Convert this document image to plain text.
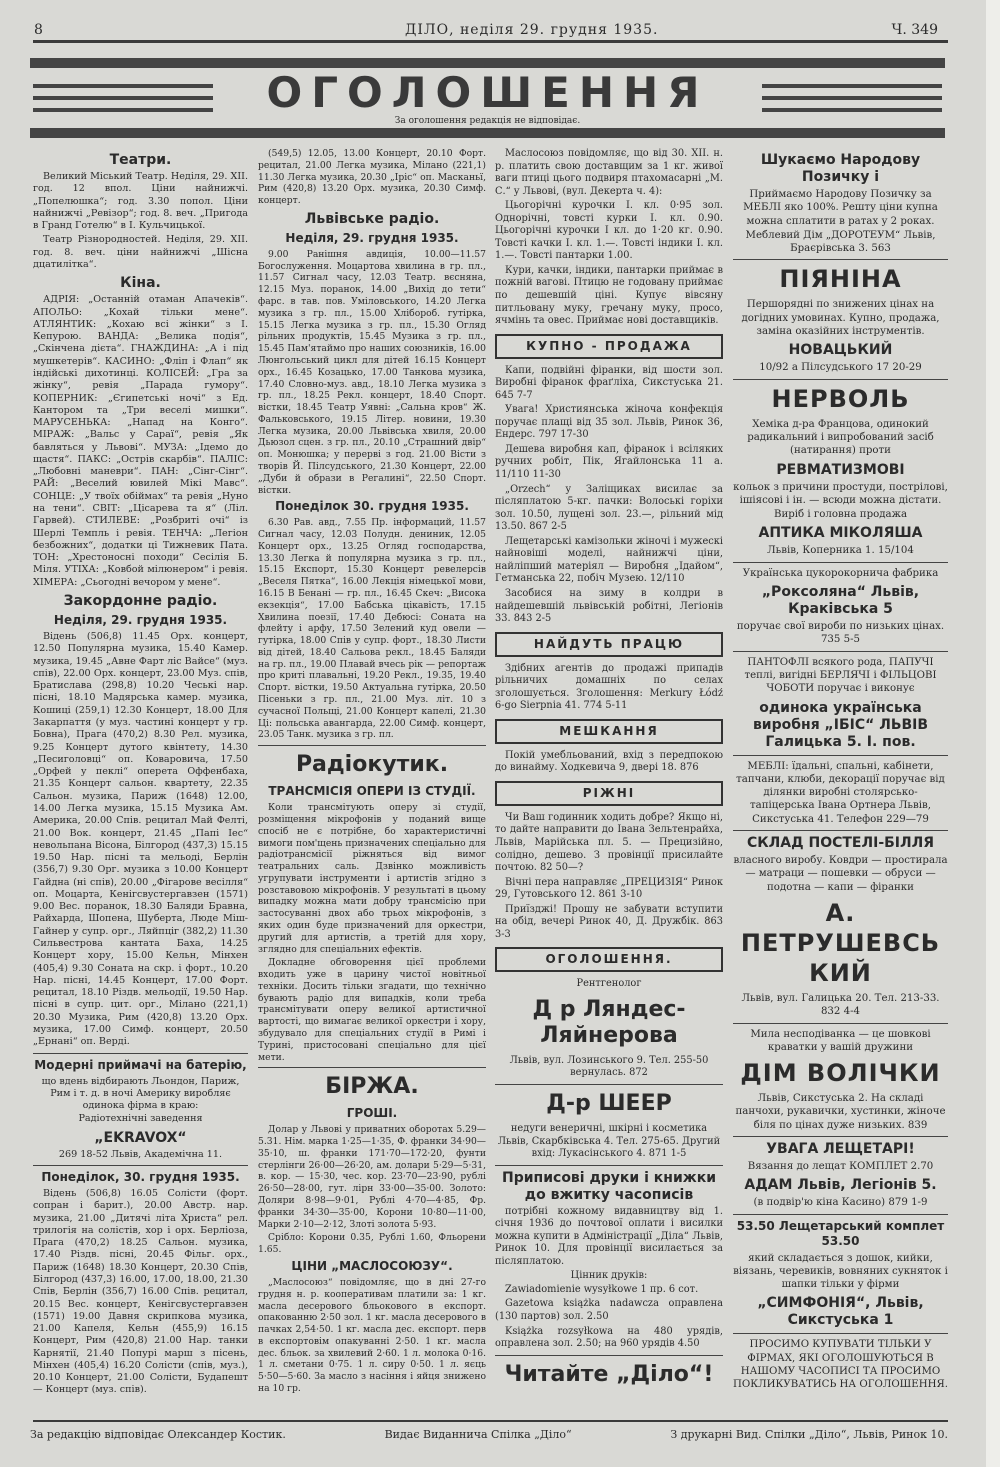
8	ДІЛО, неділя 29. грудня 1935.	Ч. 349
ОГОЛОШЕННЯ
За оголошення редакція не відповідає.
Театри.
Великий Міський Театр. Неділя, 29. XII. год. 12 впол. Ціни найнижчі. „Попелюшка“; год. 3.30 попол. Ціни найнижчі „Ревізор“; год. 8. веч. „Пригода в Гранд Готелю“ в І. Кульчицької.
Театр Різнородностей. Неділя, 29. XII. год. 8. веч. ціни найнижчі „Шісна дцатилітка“.
Кіна.
АДРІЯ: „Останній отаман Апачеків“. АПОЛЬО: „Кохай тільки мене“. АТЛЯНТИК: „Кохаю всі жінки“ з І. Кепурою. ВАНДА: „Велика подія“, „Скінчена дієта“. ГНАЖДИНА: „А і під мушкетерів“. КАСИНО: „Фліп і Флап“ як індійські дихотинці. КОЛІСЕЙ: „Гра за жінку“, ревія „Парада гумору“. КОПЕРНИК: „Єгипетські ночі“ з Ед. Кантором та „Три веселі мишки“. МАРУСЕНЬКА: „Напад на Конго“. МІРАЖ: „Вальс у Сараї“, ревія „Як бавляться у Львові“. МУЗА: „Ідемо до щастя“. ПАКС: „Острів скарбів“. ПАЛІС: „Любовні маневри“. ПАН: „Сінг-Сінг“. РАЙ: „Веселий ювилей Мікі Мавс“. СОНЦЕ: „У твоїх обіймах“ та ревія „Нуно на тени“. СВІТ: „Цісарева та я“ (Ліл. Гарвей). СТИЛЕВЕ: „Розбриті очі“ із Шерлі Темпль і ревія. ТЕНЧА: „Легіон безбожних“, додатки ці Тижневик Пата. ТОН: „Хрестоносні походи“ Сесілія Б. Міля. УТІХА: „Ковбой мілюнером“ і ревія. ХІМЕРА: „Сьогодні вечором у мене“.
Закордонне радіо.
Неділя, 29. грудня 1935.
Відень (506,8) 11.45 Орх. концерт, 12.50 Популярна музика, 15.40 Камер. музика, 19.45 „Авне Фарт ліс Вайсе“ (муз. спів), 22.00 Орх. концерт, 23.00 Муз. спів, Братислава (298,8) 10.20 Чеські нар. пісні, 18.10 Мадярська камер. музика, Кошиці (259,1) 12.30 Концерт, 18.00 Для Закарпаття (у муз. частині концерт у гр. Бовна), Прага (470,2) 8.30 Рел. музика, 9.25 Концерт дутого квінтету, 14.30 „Песиголовці“ оп. Коваровича, 17.50 „Орфей у пеклі“ оперета Оффенбаха, 21.35 Концерт сальон. квартету, 22.35 Сальон. музика, Париж (1648) 12.00, 14.00 Легка музика, 15.15 Музика Ам. Америка, 20.00 Спів. рецитал Май Фелті, 21.00 Вок. концерт, 21.45 „Папі Іес“ невольпана Вісона, Білгород (437,3) 15.15 19.50 Нар. пісні та мельоді, Берлін (356,7) 9.30 Орг. музика з 10.00 Концерт Гайдна (ні спів), 20.00 „Фігарове весілля“ оп. Моцарта, Кенігсвустергавзен (1571) 9.00 Вес. поранок, 18.30 Баляди Бравна, Райхарда, Шопена, Шуберта, Люде Міш-Гайнер у супр. орг., Ляйпціг (382,2) 11.30 Сильвестрова кантата Баха, 14.25 Концерт хору, 15.00 Кельн, Мінхен (405,4) 9.30 Соната на скр. і форт., 10.20 Нар. пісні, 14.45 Концерт, 17.00 Форт. рецитал, 18.10 Різдв. мельодії, 19.50 Нар. пісні в супр. цит. орг., Мілано (221,1) 20.30 Музика, Рим (420,8) 13.20 Орх. музика, 17.00 Симф. концерт, 20.50 „Ернані“ оп. Верді.
Модерні приймачі на батерію,
що вдень відбирають Льондон, Париж, Рим і т. д. в ночі Америку виробляє одинока фірма в краю:
Радіотехнічні заведення
„EKRAVOX“
269 18-52 Львів, Академічна 11.
Понеділок, 30. грудня 1935.
Відень (506,8) 16.05 Солісти (форт. сопран і барит.), 20.00 Австр. нар. музика, 21.00 „Дитячі літа Христа“ рел. трилогія на солістів, хор і орх. Берліоза, Прага (470,2) 18.25 Сальон. музика, 17.40 Різдв. пісні, 20.45 Фільг. орх., Париж (1648) 18.30 Концерт, 20.30 Спів, Білгород (437,3) 16.00, 17.00, 18.00, 21.30 Спів, Берлін (356,7) 16.00 Спів. рецитал, 20.15 Вес. концерт, Кенігсвустергавзен (1571) 19.00 Давня скрипкова музика, 21.00 Капеля, Кельн (455,9) 16.15 Концерт, Рим (420,8) 21.00 Нар. танки Карнятії, 21.40 Попурі марш з пісень, Мінхен (405,4) 16.20 Солісти (спів, муз.), 20.10 Концерт, 21.00 Солісти, Будапешт — Концерт (муз. спів).
(549,5) 12.05, 13.00 Концерт, 20.10 Форт. рецитал, 21.00 Легка музика, Мілано (221,1) 11.30 Легка музика, 20.30 „Іріс“ оп. Масканьї, Рим (420,8) 13.20 Орх. музика, 20.30 Симф. концерт.
Львівське радіо.
Неділя, 29. грудня 1935.
9.00 Ранішня авдиція, 10.00—11.57 Богослуження. Моцартова хвилина в гр. пл., 11.57 Сигнал часу, 12.03 Театр. вєсняна, 12.15 Муз. поранок, 14.00 „Вихід до тети“ фарс. в тав. пов. Уміловського, 14.20 Легка музика з гр. пл., 15.00 Хлібороб. гутірка, 15.15 Легка музика з гр. пл., 15.30 Огляд рільних продуктів, 15.45 Музика з гр. пл., 15.45 Пам'ятаймо про наших союзників, 16.00 Люнгольський цикл для дітей 16.15 Концерт орх., 16.45 Козацько, 17.00 Танкова музика, 17.40 Словно-муз. авд., 18.10 Легка музика з гр. пл., 18.25 Рекл. концерт, 18.40 Спорт. вістки, 18.45 Театр Уявні: „Сальна кров“ Ж. Фальковського, 19.15 Літер. новини, 19.30 Легка музика, 20.00 Львівська хвиля, 20.00 Дьюзол сцен. з гр. пл., 20.10 „Страшний двір“ оп. Монюшка; у перерві з год. 21.00 Вісти з творів Й. Пілсудського, 21.30 Концерт, 22.00 „Дуби й образи в Регалині“, 22.50 Спорт. вістки.
Понеділок 30. грудня 1935.
6.30 Рав. авд., 7.55 Пр. інформаций, 11.57 Сигнал часу, 12.03 Полудн. дениник, 12.05 Концерт орх., 13.25 Огляд господарства, 13.30 Легка й популярна музика з гр. пл., 15.15 Експорт, 15.30 Концерт ревелерсів „Веселя Пятка“, 16.00 Лекція німецької мови, 16.15 В Бенані — гр. пл., 16.45 Скеч: „Висока екзекція“, 17.00 Бабська цікавість, 17.15 Хвилина поезії, 17.40 Дебюсі: Соната на флейту і арфу, 17.50 Зелений куд овели — гутірка, 18.00 Спів у супр. форт., 18.30 Листи від дітей, 18.40 Сальова рекл., 18.45 Баляди на гр. пл., 19.00 Плавай вчесь рік — репортаж про криті плавальні, 19.20 Рекл., 19.35, 19.40 Спорт. вістки, 19.50 Актуальна гутірка, 20.50 Пісеньки з гр. пл., 21.00 Муз. літ. 10 з сучасної Польщі, 21.00 Концерт капелі, 21.30 Ці: польська авангарда, 22.00 Симф. концерт, 23.05 Танк. музика з гр. пл.
Радіокутик.
ТРАНСМІСІЯ ОПЕРИ ІЗ СТУДІЇ.
Коли трансмітують оперу зі студії, розміщення мікрофонів у поданий вище спосіб не є потрібне, бо характеристичні вимоги пом'щень призначених спеціально для радіотрансмісії ріжняться від вимог театральних саль. Дзвінко можливість угрупувати інструменти і артистів згідно з розставовою мікрофонів. У результаті в цьому випадку можна мати добру трансмісію при застосуванні двох або трьох мікрофонів, з яких один буде призначений для оркестри, другий для артистів, а третій для хору, зглядно для спеціальних ефектів.
Докладне обговорення цієї проблеми входить уже в царину чистої новітньої техніки. Досить тільки згадати, що технічно бувають радіо для випадків, коли треба трансмітувати оперу великої артистичної вартості, що вимагає великої оркестри і хору, збудувало для спеціальних студії в Римі і Турині, пристосовані спеціально для цієї мети.
БІРЖА.
ГРОШІ.
Долар у Львові у приватних оборотах 5.29—5.31. Нім. марка 1·25—1·35, Ф. франки 34·90—35·10, ш. франки 171·70—172·20, фунти стерлінги 26·00—26·20, ам. долари 5·29—5·31, в. кор. — 15·30, чес. кор. 23·70—23·90, рублі 26·50—28·00, гут. лірн 33·00—35·00. Золото: Доляри 8·98—9·01, Рублі 4·70—4·85, Фр. франки 34·30—35·00, Корони 10·80—11·00, Марки 2·10—2·12, Злоті золота 5·93.
Срібло: Корони 0.35, Рублі 1.60, Фльорени 1.65.
ЦІНИ „МАСЛОСОЮЗУ“.
„Маслосоюз“ повідомляє, що в дні 27-го грудня н. р. кооперативам платили за: 1 кг. масла десерового бльокового в експорт. опакованню 2·50 зол. 1 кг. масла десерового в пачках 2,54·50. 1 кг. масла дес. експорт. перв в експортовім опакуванні 2·50. 1 кг. масла дес. бльок. за хвилевий 2·60. 1 л. молока 0·16. 1 л. сметани 0·75. 1 л. сиру 0·50. 1 л. яєць 5·50—5·60. За масло з насіння і яйця знижено на 10 гр.
Маслосоюз повідомляє, що від 30. XII. н. р. платить свою доставщим за 1 кг. живої ваги птиці цього подвиря птахомасарні „М. С.“ у Львові, (вул. Декерта ч. 4):
Цьогорічні курочки І. кл. 0·95 зол. Однорічні, товсті курки І. кл. 0.90. Цьогорічні курочки І кл. до 1·20 кг. 0.90. Товсті качки І. кл. 1.—. Товсті індики І. кл. 1.—. Товсті пантарки 1.00.
Кури, качки, індики, пантарки приймає в пожній вагові. Птицю не годовану приймає по дешевшій ціні. Купує вівсяну питльовану муку, гречану муку, просо, ячмінь та овес. Приймає нові доставщиків.
КУПНО - ПРОДАЖА
Капи, подвійні фіранки, від шости зол. Виробні фіранок фраґліха, Сикстуська 21. 645 7-7
Увага! Християнська жіноча конфекція поручає плащі від 35 зол. Львів, Ринок 36, Ендерс. 797 17-30
Дешева виробня кап, фіранок і всіляких ручних робіт, Пік, Ягайлонська 11 а. 11/110 11-30
„Orzech“ у Заліщиках висилає за післяплатою 5-кг. пачки: Волоські горіхи зол. 10.50, лущені зол. 23.—, рільний мід 13.50. 867 2-5
Лещетарські камізольки жіночі і мужескі найновіші моделі, найнижчі ціни, найліпший матеріял — Виробня „Ідайом“, Гетманська 22, побіч Музею. 12/110
Засобися на зиму в колдри в найдешевшій львівській робітні, Легіонів 33. 843 2-5
НАЙДУТЬ ПРАЦЮ
Здібних агентів до продажі припадів рільничих домашніх по селах зголошується. Зголошення: Merkury Łódź 6-go Sierpnia 41. 774 5-11
МЕШКАННЯ
Покій умебльований, вхід з передпокою до винайму. Ходкевича 9, двері 18. 876
РІЖНІ
Чи Ваш годинник ходить добре? Якщо ні, то дайте направити до Івана Зельтенрайха, Львів, Марійська пл. 5. — Прецизійно, солідно, дешево. З провінції присилайте почтою. 82 50—?
Вічні пера направляє „ПРЕЦИЗІЯ“ Ринок 29, Гутовського 12. 861 3-10
Приїзджі! Прошу не забувати вступити на обід, вечері Ринок 40, Д. Дружбік. 863 3-3
ОГОЛОШЕННЯ.
Рентгенолог
Д р Ляндес-Ляйнерова
Львів, вул. Лозинського 9. Тел. 255-50 вернулась. 872
Д-р ШЕЕР
недуги венеричні, шкірні і косметика Львів, Скарбківська 4. Тел. 275-65. Другий вхід: Лукасінського 4. 871 1-5
Приписові друки і книжки до вжитку часописів
потрібні кожному видавництву від 1. січня 1936 до почтової оплати і висилки можна купити в Адміністрації „Діла“ Львів, Ринок 10. Для провінції висилається за післяплатою.
Цінник друків:
Zawiadomienie wysyłkowe 1 пр. 6 сот.
Gazetowa książka nadawcza оправлена (130 партов) зол. 2.50
Książka rozsyłkowa на 480 урядів, оправлена зол. 2.50; на 960 урядів 4.50
Читайте „Діло“!
Шукаємо Народову Позичку і
Приймаємо Народову Позичку за МЕБЛІ яко 100%. Решту ціни купна можна сплатити в ратах у 2 роках.
Меблевий Дім „ДОРОТЕУМ“ Львів, Браєрівська 3. 563
ПІЯНІНА
Першорядні по знижених цінах на догідних умовинах. Купно, продажа, заміна оказійних інструментів.
НОВАЦЬКИЙ
10/92 а Пілсудського 17 20-29
НЕРВОЛЬ
Хеміка д-ра Францова, одинокий радикальний і випробований засіб (натирання) проти
РЕВМАТИЗМОВІ
кольок з причини простуди, пострілові, ішіясові і ін. — всюди можна дістати.
Виріб і головна продажа
АПТИКА МІКОЛЯША
Львів, Коперника 1. 15/104
Українська цукорокорнича фабрика
„Роксоляна“ Львів, Краківська 5
поручає свої вироби по низьких цінах. 735 5-5
ПАНТОФЛІ всякого рода, ПАПУЧІ теплі, вигідні БЕРЛЯЧІ і ФІЛЬЦОВІ ЧОБОТИ поручає і виконує
одинока українська виробня „ІБІС“ ЛЬВІВ Галицька 5. І. пов.
МЕБЛІ: їдальні, спальні, кабінети, тапчани, клюби, декорації поручає від ділянки виробні столярсько-тапіцерська Івана Ортнера Львів, Сикстуська 41. Телефон 229—79
СКЛАД ПОСТЕЛІ-БІЛЛЯ
власного виробу. Ковдри — простирала — матраци — пошевки — обруси — подотна — капи — фіранки
А. ПЕТРУШЕВСЬКИЙ
Львів, вул. Галицька 20. Тел. 213-33. 832 4-4
Мила несподіванка — це шовкові краватки у вашій дружини
ДІМ ВОЛІЧКИ
Львів, Сикстуська 2. На складі панчохи, рукавички, хустинки, жіноче біля по цінах дуже низьких. 839
УВАГА ЛЕЩЕТАРІ!
Вязання до лещат КОМПЛЕТ 2.70
АДАМ Львів, Легіонів 5.
(в подвір'ю кіна Касино) 879 1-9
53.50 Лещетарський комплет 53.50
який складається з дошок, кийки, віязань, черевиків, вовняних сукняток і шапки тільки у фірми
„СИМФОНІЯ“, Львів, Сикстуська 1
ПРОСИМО КУПУВАТИ ТІЛЬКИ У ФІРМАХ, ЯКІ ОГОЛОШУЮТЬСЯ В НАШОМУ ЧАСОПИСІ ТА ПРОСИМО ПОКЛИКУВАТИСЬ НА ОГОЛОШЕННЯ.
За редакцію відповідає Олександер Костик.	Видає Виданнича Спілка „Діло“	З друкарні Вид. Спілки „Діло“, Львів, Ринок 10.
